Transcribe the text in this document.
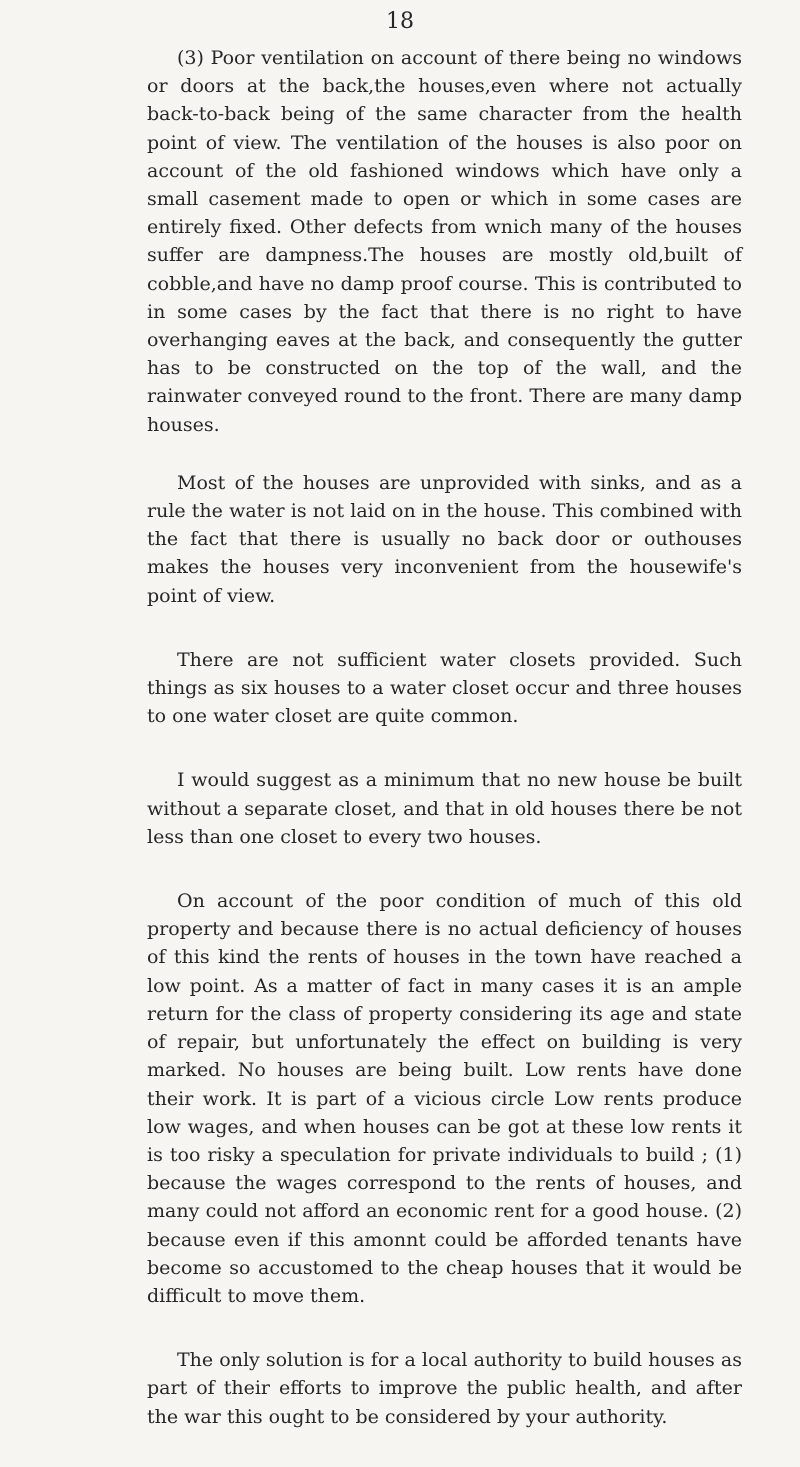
18

(3) Poor ventilation on account of there being no windows or doors at the back,the houses,even where not actually back-to-back being of the same character from the health point of view. The ventilation of the houses is also poor on account of the old fashioned windows which have only a small casement made to open or which in some cases are entirely fixed. Other defects from wnich many of the houses suffer are dampness.The houses are mostly old,built of cobble,and have no damp proof course. This is contributed to in some cases by the fact that there is no right to have overhanging eaves at the back, and consequently the gutter has to be constructed on the top of the wall, and the rainwater conveyed round to the front. There are many damp houses.

Most of the houses are unprovided with sinks, and as a rule the water is not laid on in the house. This combined with the fact that there is usually no back door or outhouses makes the houses very inconvenient from the housewife's point of view.

There are not sufficient water closets provided. Such things as six houses to a water closet occur and three houses to one water closet are quite common.

I would suggest as a minimum that no new house be built without a separate closet, and that in old houses there be not less than one closet to every two houses.

On account of the poor condition of much of this old property and because there is no actual deficiency of houses of this kind the rents of houses in the town have reached a low point. As a matter of fact in many cases it is an ample return for the class of property considering its age and state of repair, but unfortunately the effect on building is very marked. No houses are being built. Low rents have done their work. It is part of a vicious circle Low rents produce low wages, and when houses can be got at these low rents it is too risky a speculation for private individuals to build ; (1) because the wages correspond to the rents of houses, and many could not afford an economic rent for a good house. (2) because even if this amonnt could be afforded tenants have become so accustomed to the cheap houses that it would be difficult to move them.

The only solution is for a local authority to build houses as part of their efforts to improve the public health, and after the war this ought to be considered by your authority.
